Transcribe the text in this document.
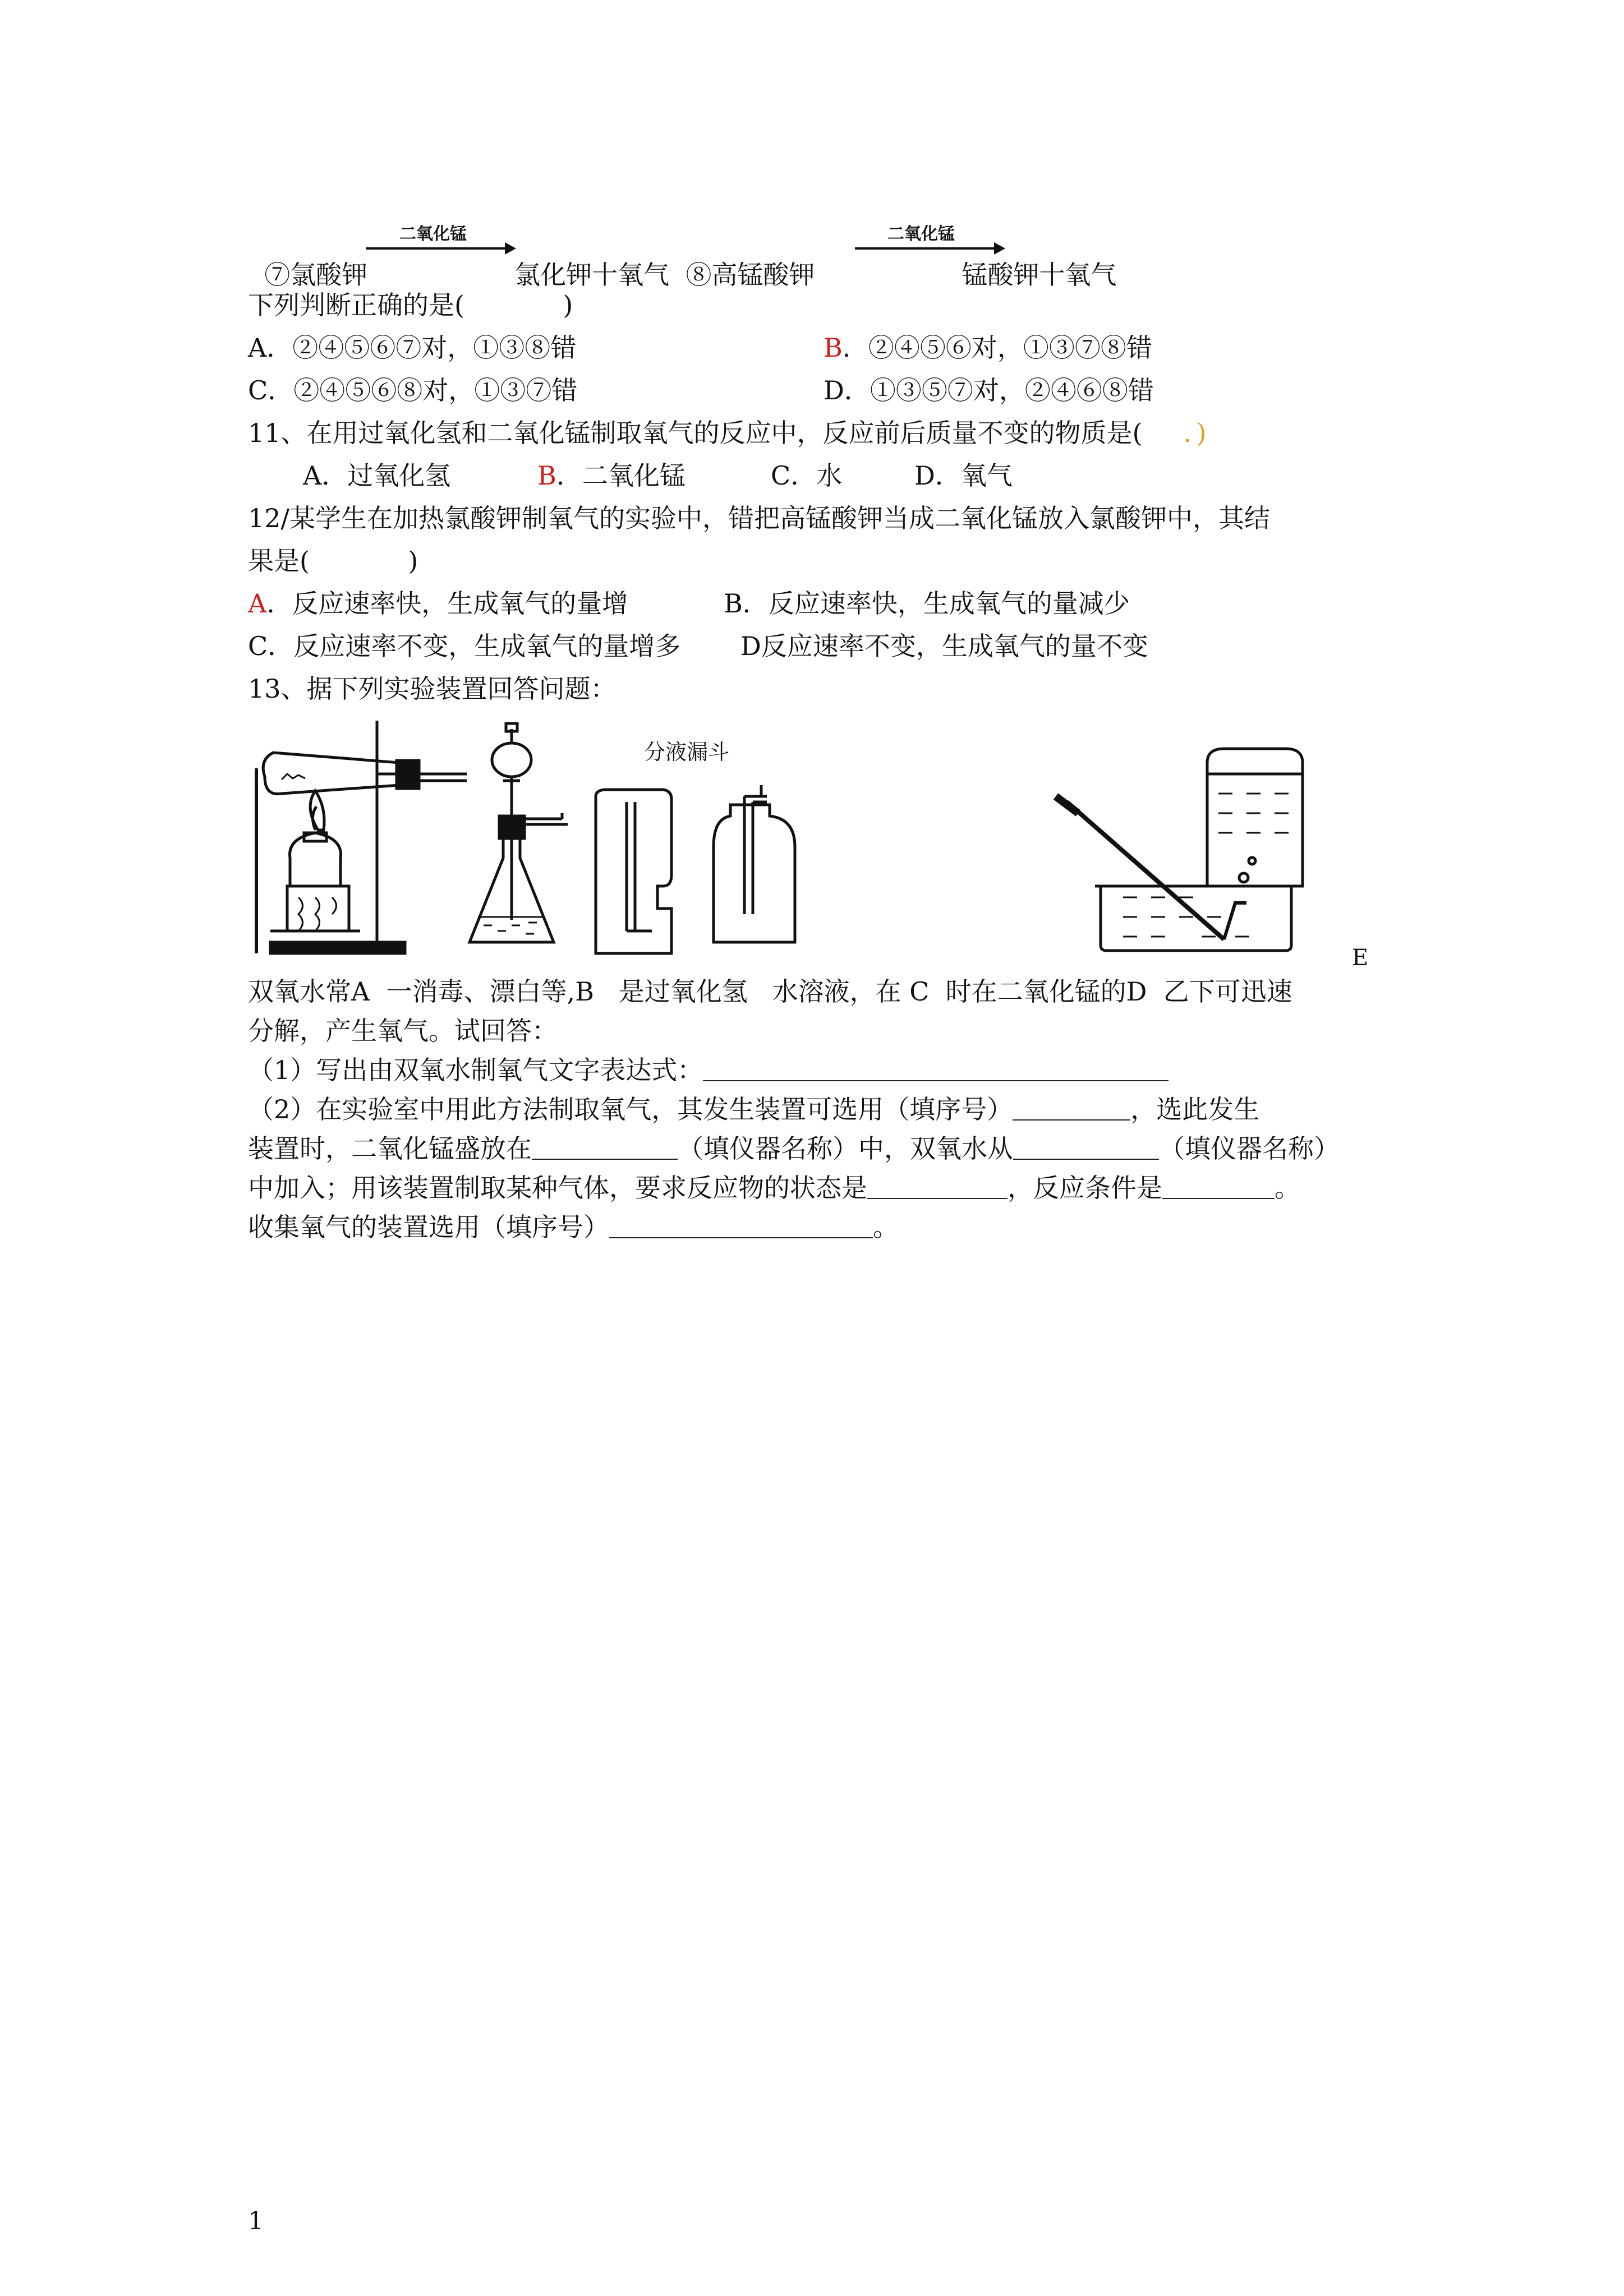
⑦氯酸钾	氯化钾十氧气 ⑧高锰酸钾	锰酸钾十氧气

二氧化锰	二氧化锰
下列判断正确的是(            )
A．②④⑤⑥⑦对，①③⑧错	B．②④⑤⑥对，①③⑦⑧错
C．②④⑤⑥⑧对，①③⑦错	D．①③⑤⑦对，②④⑥⑧错
11、在用过氧化氢和二氧化锰制取氧气的反应中，反应前后质量不变的物质是(     ．)
A．过氧化氢	B．二氧化锰	C．水	D．氧气
12/某学生在加热氯酸钾制氧气的实验中，错把高锰酸钾当成二氧化锰放入氯酸钾中，其结
果是(            )
A．反应速率快，生成氧气的量增	B．反应速率快，生成氧气的量减少
C．反应速率不变，生成氧气的量增多 D反应速率不变，生成氧气的量不变
13、据下列实验装置回答问题：
分液漏斗
E
双氧水常A  一消毒、漂白等,B   是过氧化氢   水溶液，在 C  时在二氧化锰的D  乙下可迅速
分解，产生氧气。试回答：
（1）写出由双氧水制氧气文字表达式：
（2）在实验室中用此方法制取氧气，其发生装置可选用（填序号）	，选此发生
装置时，二氧化锰盛放在	（填仪器名称）中，双氧水从	（填仪器名称）
中加入；用该装置制取某种气体，要求反应物的状态是	，反应条件是	。
收集氧气的装置选用（填序号）	。
1
